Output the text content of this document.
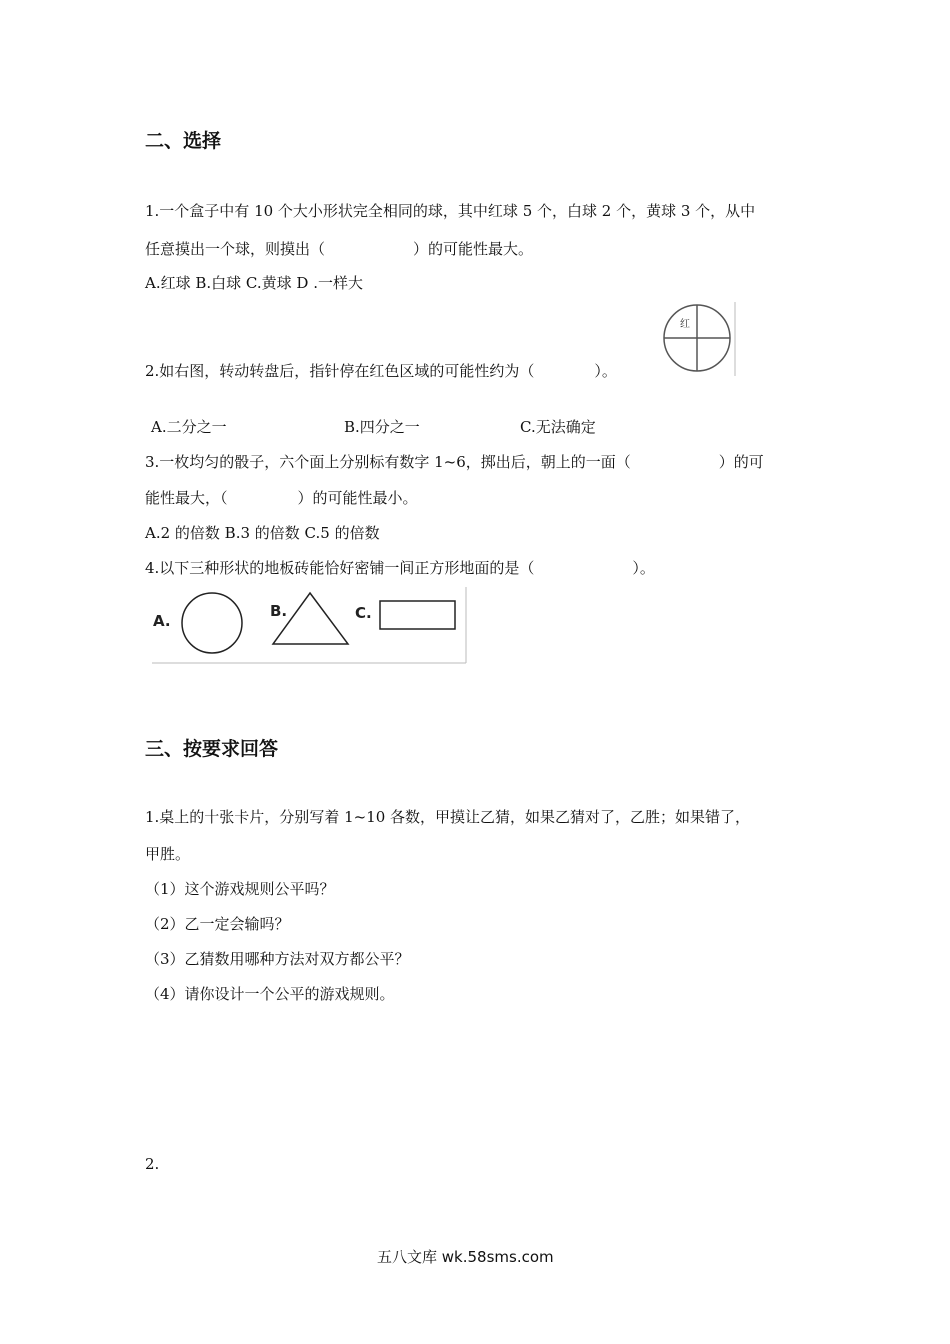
二、选择
1.一个盒子中有 10 个大小形状完全相同的球，其中红球 5 个，白球 2 个，黄球 3 个，从中
任意摸出一个球，则摸出（	）的可能性最大。
A.红球 B.白球 C.黄球 D .一样大
2.如右图，转动转盘后，指针停在红色区域的可能性约为（	）。
红
A.二分之一	B.四分之一	C.无法确定
3.一枚均匀的骰子，六个面上分别标有数字 1~6，掷出后，朝上的一面（	）的可
能性最大，（	）的可能性最小。
A.2 的倍数 B.3 的倍数 C.5 的倍数
4.以下三种形状的地板砖能恰好密铺一间正方形地面的是（	）。
A.
B.	C.
三、按要求回答
1.桌上的十张卡片，分别写着 1~10 各数，甲摸让乙猜，如果乙猜对了，乙胜；如果错了，
甲胜。
（1）这个游戏规则公平吗？
（2）乙一定会输吗？
（3）乙猜数用哪种方法对双方都公平？
（4）请你设计一个公平的游戏规则。
2.
五八文库 wk.58sms.com
